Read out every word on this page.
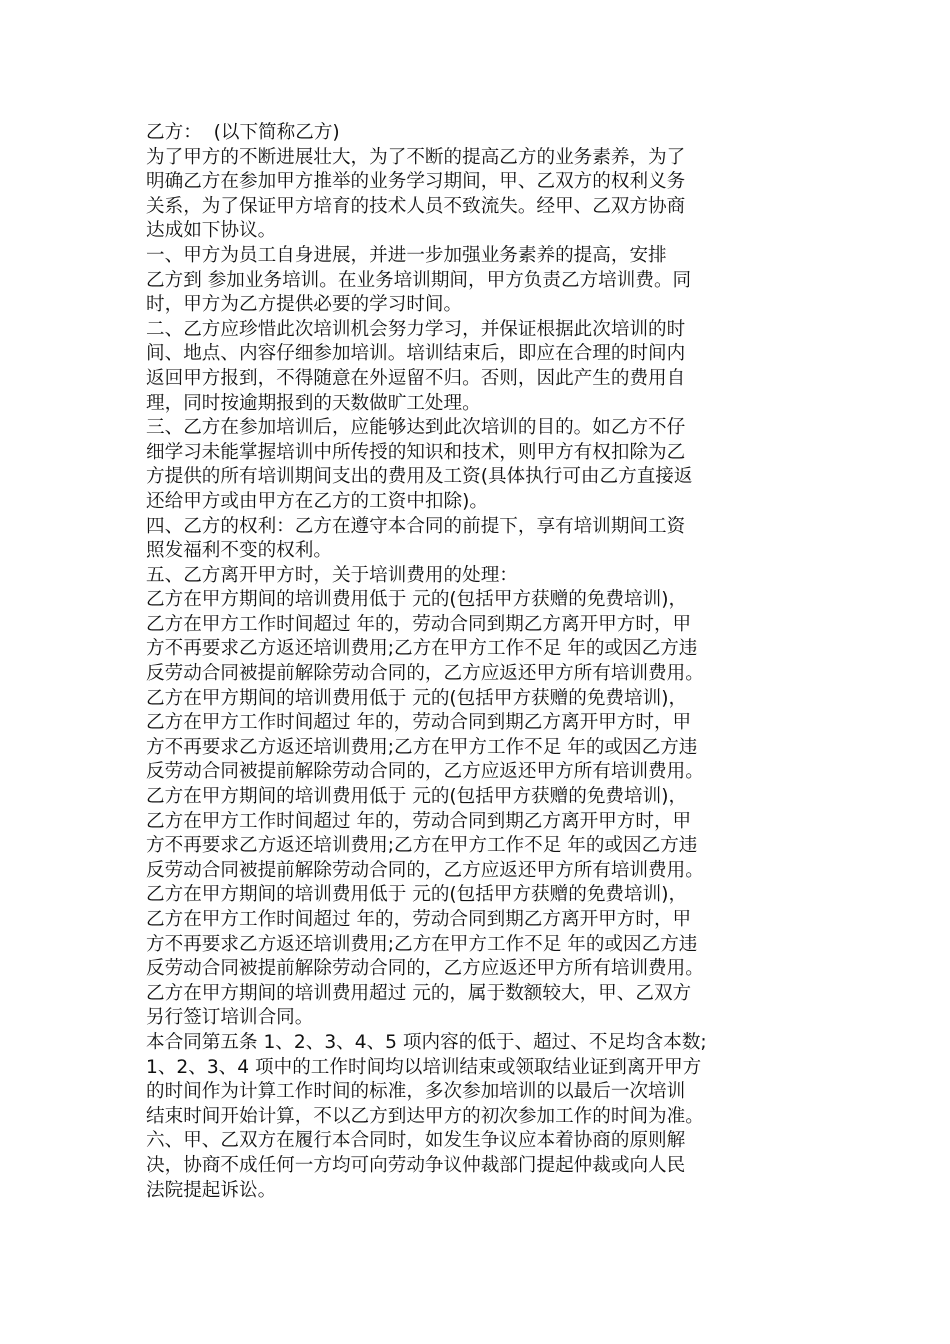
乙方：  (以下简称乙方)
为了甲方的不断进展壮大，为了不断的提高乙方的业务素养，为了
明确乙方在参加甲方推举的业务学习期间，甲、乙双方的权利义务
关系，为了保证甲方培育的技术人员不致流失。经甲、乙双方协商
达成如下协议。
一、甲方为员工自身进展，并进一步加强业务素养的提高，安排
乙方到 参加业务培训。在业务培训期间，甲方负责乙方培训费。同
时，甲方为乙方提供必要的学习时间。
二、乙方应珍惜此次培训机会努力学习，并保证根据此次培训的时
间、地点、内容仔细参加培训。培训结束后，即应在合理的时间内
返回甲方报到，不得随意在外逗留不归。否则，因此产生的费用自
理，同时按逾期报到的天数做旷工处理。
三、乙方在参加培训后，应能够达到此次培训的目的。如乙方不仔
细学习未能掌握培训中所传授的知识和技术，则甲方有权扣除为乙
方提供的所有培训期间支出的费用及工资(具体执行可由乙方直接返
还给甲方或由甲方在乙方的工资中扣除)。
四、乙方的权利：乙方在遵守本合同的前提下，享有培训期间工资
照发福利不变的权利。
五、乙方离开甲方时，关于培训费用的处理：
乙方在甲方期间的培训费用低于 元的(包括甲方获赠的免费培训)，
乙方在甲方工作时间超过 年的，劳动合同到期乙方离开甲方时，甲
方不再要求乙方返还培训费用;乙方在甲方工作不足 年的或因乙方违
反劳动合同被提前解除劳动合同的，乙方应返还甲方所有培训费用。
乙方在甲方期间的培训费用低于 元的(包括甲方获赠的免费培训)，
乙方在甲方工作时间超过 年的，劳动合同到期乙方离开甲方时，甲
方不再要求乙方返还培训费用;乙方在甲方工作不足 年的或因乙方违
反劳动合同被提前解除劳动合同的，乙方应返还甲方所有培训费用。
乙方在甲方期间的培训费用低于 元的(包括甲方获赠的免费培训)，
乙方在甲方工作时间超过 年的，劳动合同到期乙方离开甲方时，甲
方不再要求乙方返还培训费用;乙方在甲方工作不足 年的或因乙方违
反劳动合同被提前解除劳动合同的，乙方应返还甲方所有培训费用。
乙方在甲方期间的培训费用低于 元的(包括甲方获赠的免费培训)，
乙方在甲方工作时间超过 年的，劳动合同到期乙方离开甲方时，甲
方不再要求乙方返还培训费用;乙方在甲方工作不足 年的或因乙方违
反劳动合同被提前解除劳动合同的，乙方应返还甲方所有培训费用。
乙方在甲方期间的培训费用超过 元的，属于数额较大，甲、乙双方
另行签订培训合同。
本合同第五条 1、2、3、4、5 项内容的低于、超过、不足均含本数;
1、2、3、4 项中的工作时间均以培训结束或领取结业证到离开甲方
的时间作为计算工作时间的标准，多次参加培训的以最后一次培训
结束时间开始计算，不以乙方到达甲方的初次参加工作的时间为准。
六、甲、乙双方在履行本合同时，如发生争议应本着协商的原则解
决，协商不成任何一方均可向劳动争议仲裁部门提起仲裁或向人民
法院提起诉讼。
